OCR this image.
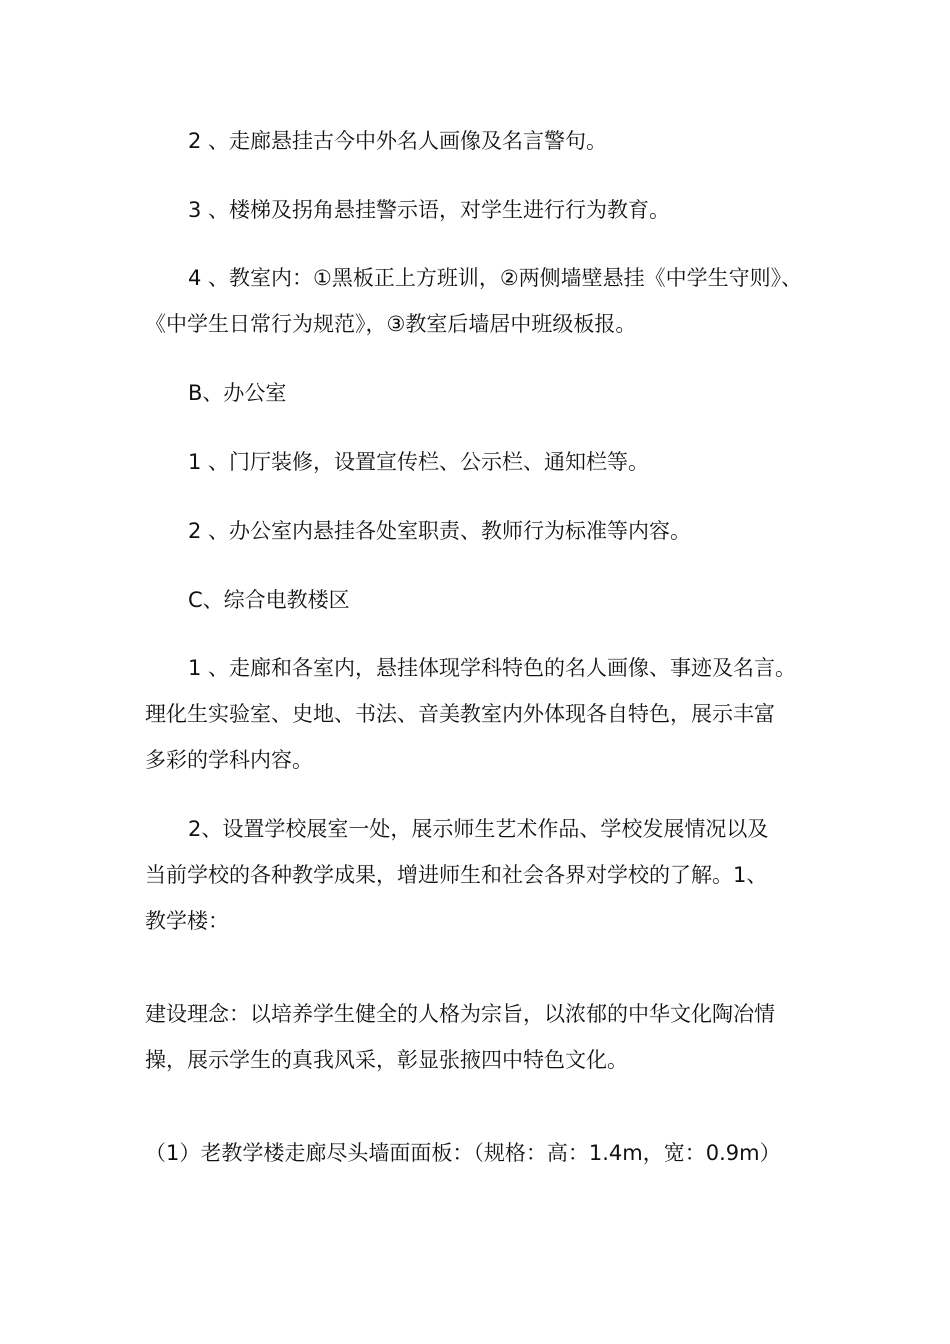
2 、走廊悬挂古今中外名人画像及名言警句。
3 、楼梯及拐角悬挂警示语，对学生进行行为教育。
4 、教室内：①黑板正上方班训，②两侧墙壁悬挂《中学生守则》、
《中学生日常行为规范》，③教室后墙居中班级板报。
B、办公室
1 、门厅装修，设置宣传栏、公示栏、通知栏等。
2 、办公室内悬挂各处室职责、教师行为标准等内容。
C、综合电教楼区
1 、走廊和各室内，悬挂体现学科特色的名人画像、事迹及名言。
理化生实验室、史地、书法、音美教室内外体现各自特色，展示丰富
多彩的学科内容。
2、设置学校展室一处，展示师生艺术作品、学校发展情况以及
当前学校的各种教学成果，增进师生和社会各界对学校的了解。1、
教学楼：
建设理念：以培养学生健全的人格为宗旨，以浓郁的中华文化陶冶情
操，展示学生的真我风采，彰显张掖四中特色文化。
（1）老教学楼走廊尽头墙面面板：（规格：高：1.4m，宽：0.9m）
